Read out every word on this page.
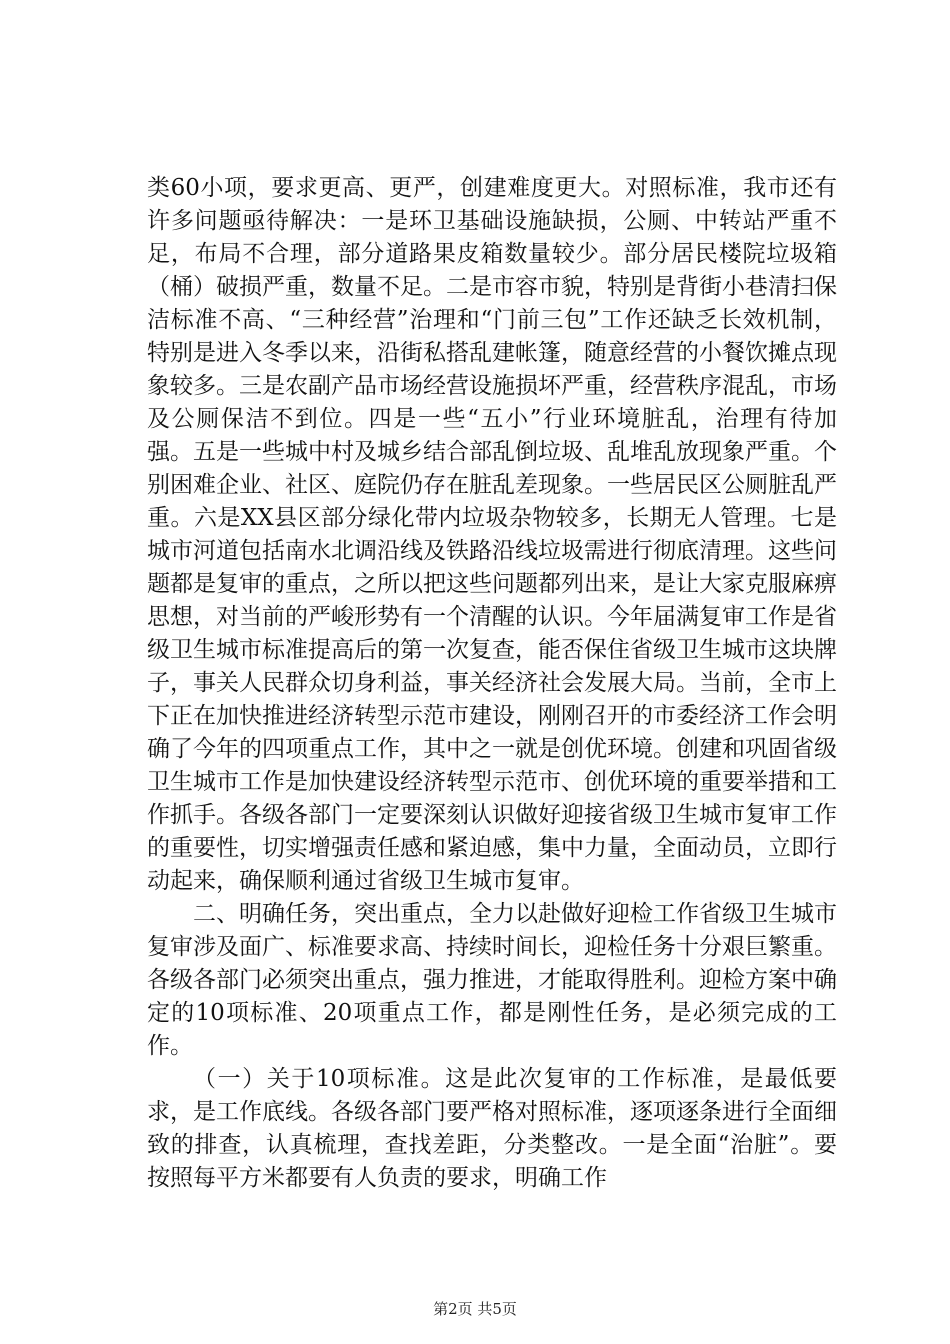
类60小项，要求更高、更严，创建难度更大。对照标准，我市还有许多问题亟待解决：一是环卫基础设施缺损，公厕、中转站严重不足，布局不合理，部分道路果皮箱数量较少。部分居民楼院垃圾箱（桶）破损严重，数量不足。二是市容市貌，特别是背街小巷清扫保洁标准不高、“三种经营”治理和“门前三包”工作还缺乏长效机制，特别是进入冬季以来，沿街私搭乱建帐篷，随意经营的小餐饮摊点现象较多。三是农副产品市场经营设施损坏严重，经营秩序混乱，市场及公厕保洁不到位。四是一些“五小”行业环境脏乱，治理有待加强。五是一些城中村及城乡结合部乱倒垃圾、乱堆乱放现象严重。个别困难企业、社区、庭院仍存在脏乱差现象。一些居民区公厕脏乱严重。六是XX县区部分绿化带内垃圾杂物较多，长期无人管理。七是城市河道包括南水北调沿线及铁路沿线垃圾需进行彻底清理。这些问题都是复审的重点，之所以把这些问题都列出来，是让大家克服麻痹思想，对当前的严峻形势有一个清醒的认识。今年届满复审工作是省级卫生城市标准提高后的第一次复查，能否保住省级卫生城市这块牌子，事关人民群众切身利益，事关经济社会发展大局。当前，全市上下正在加快推进经济转型示范市建设，刚刚召开的市委经济工作会明确了今年的四项重点工作，其中之一就是创优环境。创建和巩固省级卫生城市工作是加快建设经济转型示范市、创优环境的重要举措和工作抓手。各级各部门一定要深刻认识做好迎接省级卫生城市复审工作的重要性，切实增强责任感和紧迫感，集中力量，全面动员，立即行动起来，确保顺利通过省级卫生城市复审。

二、明确任务，突出重点，全力以赴做好迎检工作省级卫生城市复审涉及面广、标准要求高、持续时间长，迎检任务十分艰巨繁重。各级各部门必须突出重点，强力推进，才能取得胜利。迎检方案中确定的10项标准、20项重点工作，都是刚性任务，是必须完成的工作。

（一）关于10项标准。这是此次复审的工作标准，是最低要求，是工作底线。各级各部门要严格对照标准，逐项逐条进行全面细致的排查，认真梳理，查找差距，分类整改。一是全面“治脏”。要按照每平方米都要有人负责的要求，明确工作

第2页 共5页
